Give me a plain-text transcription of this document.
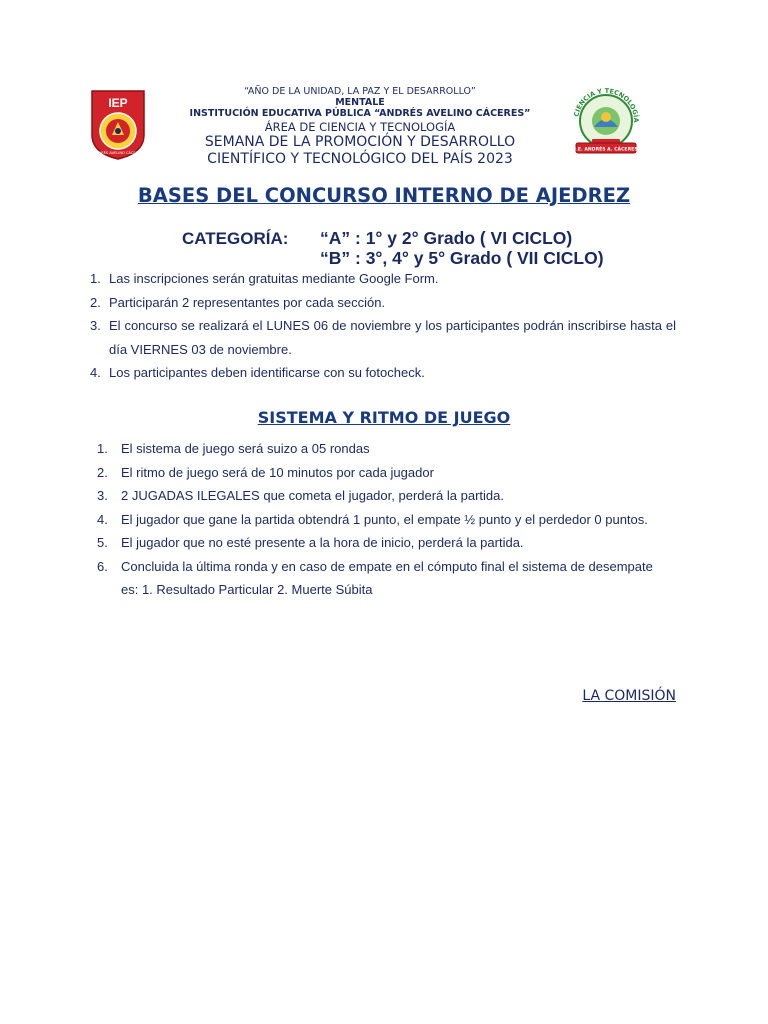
IEP
ANDRÉS AVELINO CÁCERES
CIENCIA Y TECNOLOGÍA
I.E. ANDRÉS A. CÁCERES
“AÑO DE LA UNIDAD, LA PAZ Y EL DESARROLLO”
MENTALE
INSTITUCIÓN EDUCATIVA PÚBLICA “ANDRÉS AVELINO CÁCERES”
ÁREA DE CIENCIA Y TECNOLOGÍA
SEMANA DE LA PROMOCIÓN Y DESARROLLO
CIENTÍFICO Y TECNOLÓGICO DEL PAÍS 2023
BASES DEL CONCURSO INTERNO DE AJEDREZ
CATEGORÍA: “A” : 1° y 2° Grado ( VI CICLO)
“B” : 3°, 4° y 5° Grado ( VII CICLO)
1. Las inscripciones serán gratuitas mediante Google Form.
2. Participarán 2 representantes por cada sección.
3. El concurso se realizará el LUNES 06 de noviembre y los participantes podrán inscribirse hasta el día VIERNES 03 de noviembre.
4. Los participantes deben identificarse con su fotocheck.
SISTEMA Y RITMO DE JUEGO
1. El sistema de juego será suizo a 05 rondas
2. El ritmo de juego será de 10 minutos por cada jugador
3. 2 JUGADAS ILEGALES que cometa el jugador, perderá la partida.
4. El jugador que gane la partida obtendrá 1 punto, el empate ½ punto y el perdedor 0 puntos.
5. El jugador que no esté presente a la hora de inicio, perderá la partida.
6. Concluida la última ronda y en caso de empate en el cómputo final el sistema de desempate es: 1. Resultado Particular 2. Muerte Súbita
LA COMISIÓN
